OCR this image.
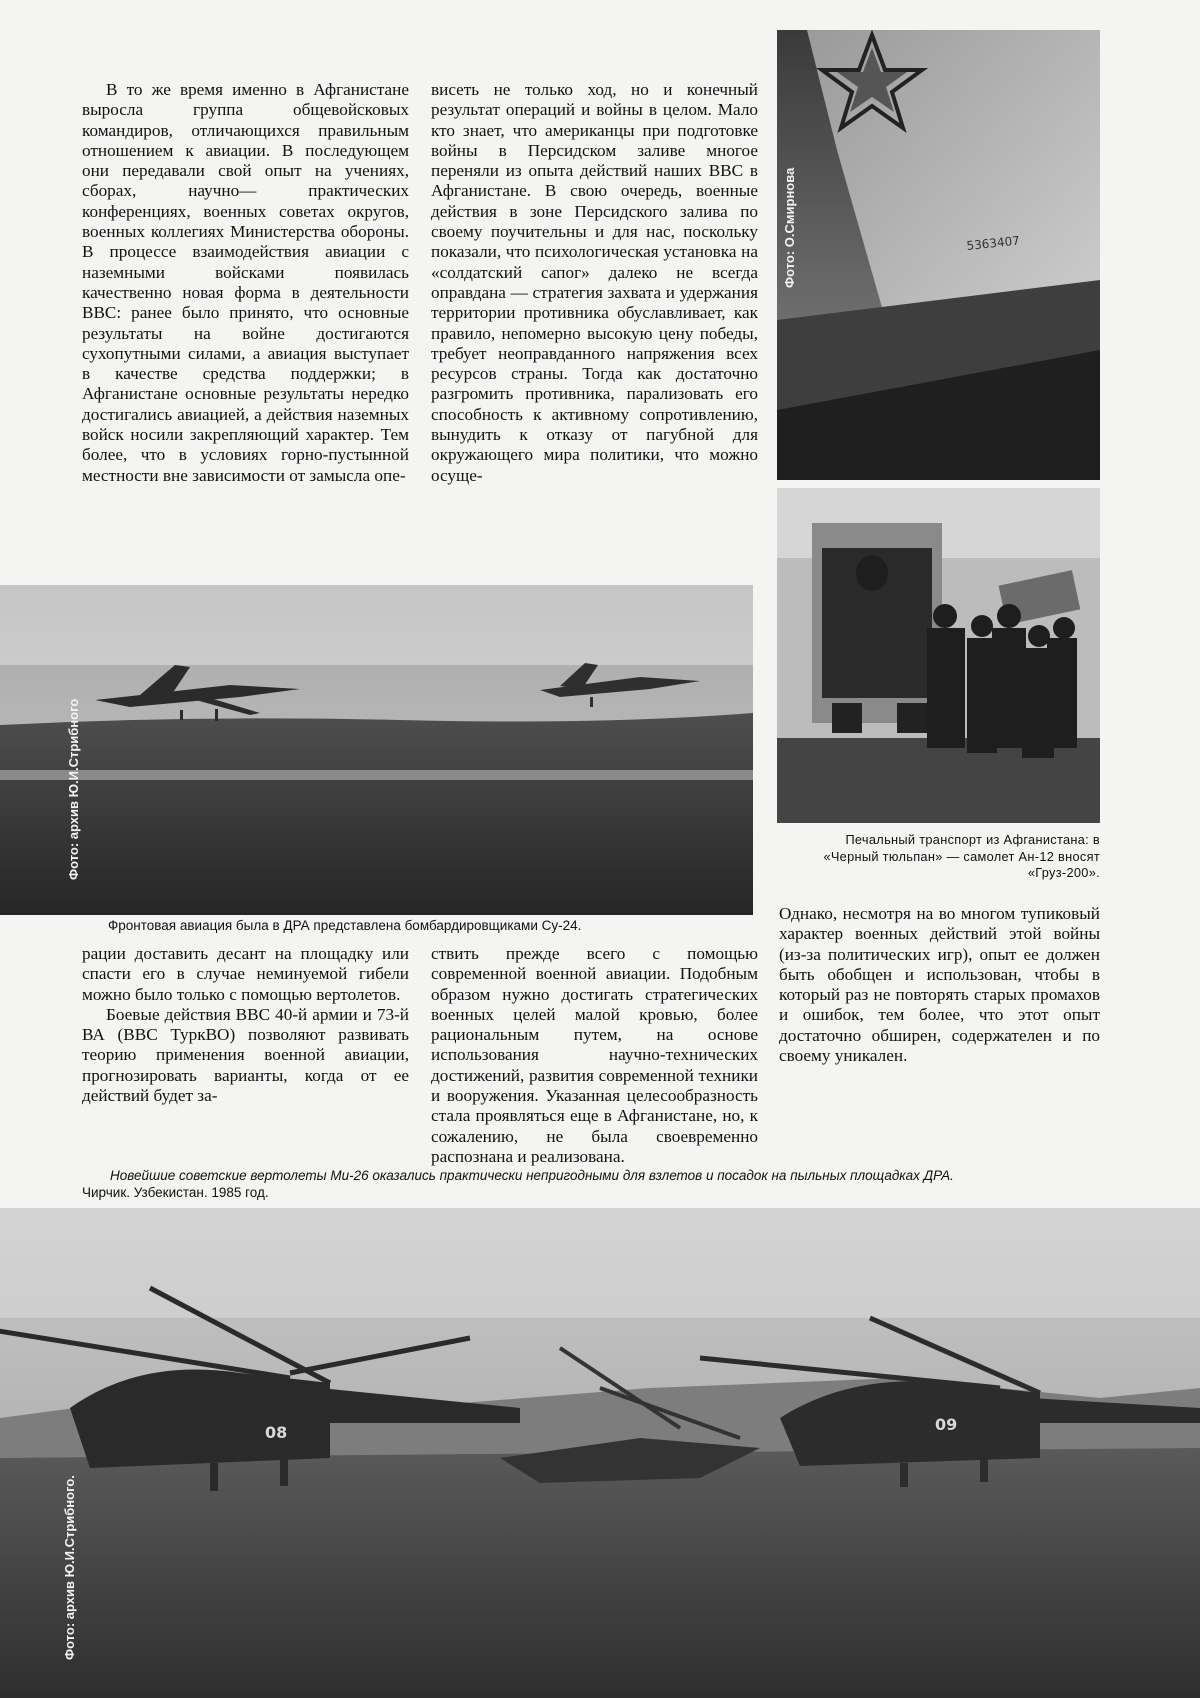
5363407
Фото: О.Смирнова

В то же время именно в Афганистане выросла группа общевойсковых командиров, отличающихся правильным отношением к авиации. В последующем они передавали свой опыт на учениях, сборах, научно— практических конференциях, военных советах округов, военных коллегиях Министерства обороны. В процессе взаимодействия авиации с наземными войсками появилась качественно новая форма в деятельности ВВС: ранее было принято, что основные результаты на войне достигаются сухопутными силами, а авиация выступает в качестве средства поддержки; в Афганистане основные результаты нередко достигались авиацией, а действия наземных войск носили закрепляющий характер. Тем более, что в условиях горно-пустынной местности вне зависимости от замысла опе-

висеть не только ход, но и конечный результат операций и войны в целом. Мало кто знает, что американцы при подготовке войны в Персидском заливе многое переняли из опыта действий наших ВВС в Афганистане. В свою очередь, военные действия в зоне Персидского залива по своему поучительны и для нас, поскольку показали, что психологическая установка на «солдатский сапог» далеко не всегда оправдана — стратегия захвата и удержания территории противника обуславливает, как правило, непомерно высокую цену победы, требует неоправданного напряжения всех ресурсов страны. Тогда как достаточно разгромить противника, парализовать его способность к активному сопротивлению, вынудить к отказу от пагубной для окружающего мира политики, что можно осуще-

Фото: архив Ю.И.Стрибного
Фронтовая авиация была в ДРА представлена бомбардировщиками Су-24.
Печальный транспорт из Афганистана: в «Черный тюльпан» — самолет Ан-12 вносят «Груз-200».

рации доставить десант на площадку или спасти его в случае неминуемой гибели можно было только с помощью вертолетов.

Боевые действия ВВС 40-й армии и 73-й ВА (ВВС ТуркВО) позволяют развивать теорию применения военной авиации, прогнозировать варианты, когда от ее действий будет за-

ствить прежде всего с помощью современной военной авиации. Подобным образом нужно достигать стратегических военных целей малой кровью, более рациональным путем, на основе использования научно-технических достижений, развития современной техники и вооружения. Указанная целесообразность стала проявляться еще в Афганистане, но, к сожалению, не была своевременно распознана и реализована.

Однако, несмотря на во многом тупиковый характер военных действий этой войны (из-за политических игр), опыт ее должен быть обобщен и использован, чтобы в который раз не повторять старых промахов и ошибок, тем более, что этот опыт достаточно обширен, содержателен и по своему уникален.

Новейшие советские вертолеты Ми-26 оказались практически непригодными для взлетов и посадок на пыльных площадках ДРА.
Чирчик. Узбекистан. 1985 год.
08	09
Фото: архив Ю.И.Стрибного.
